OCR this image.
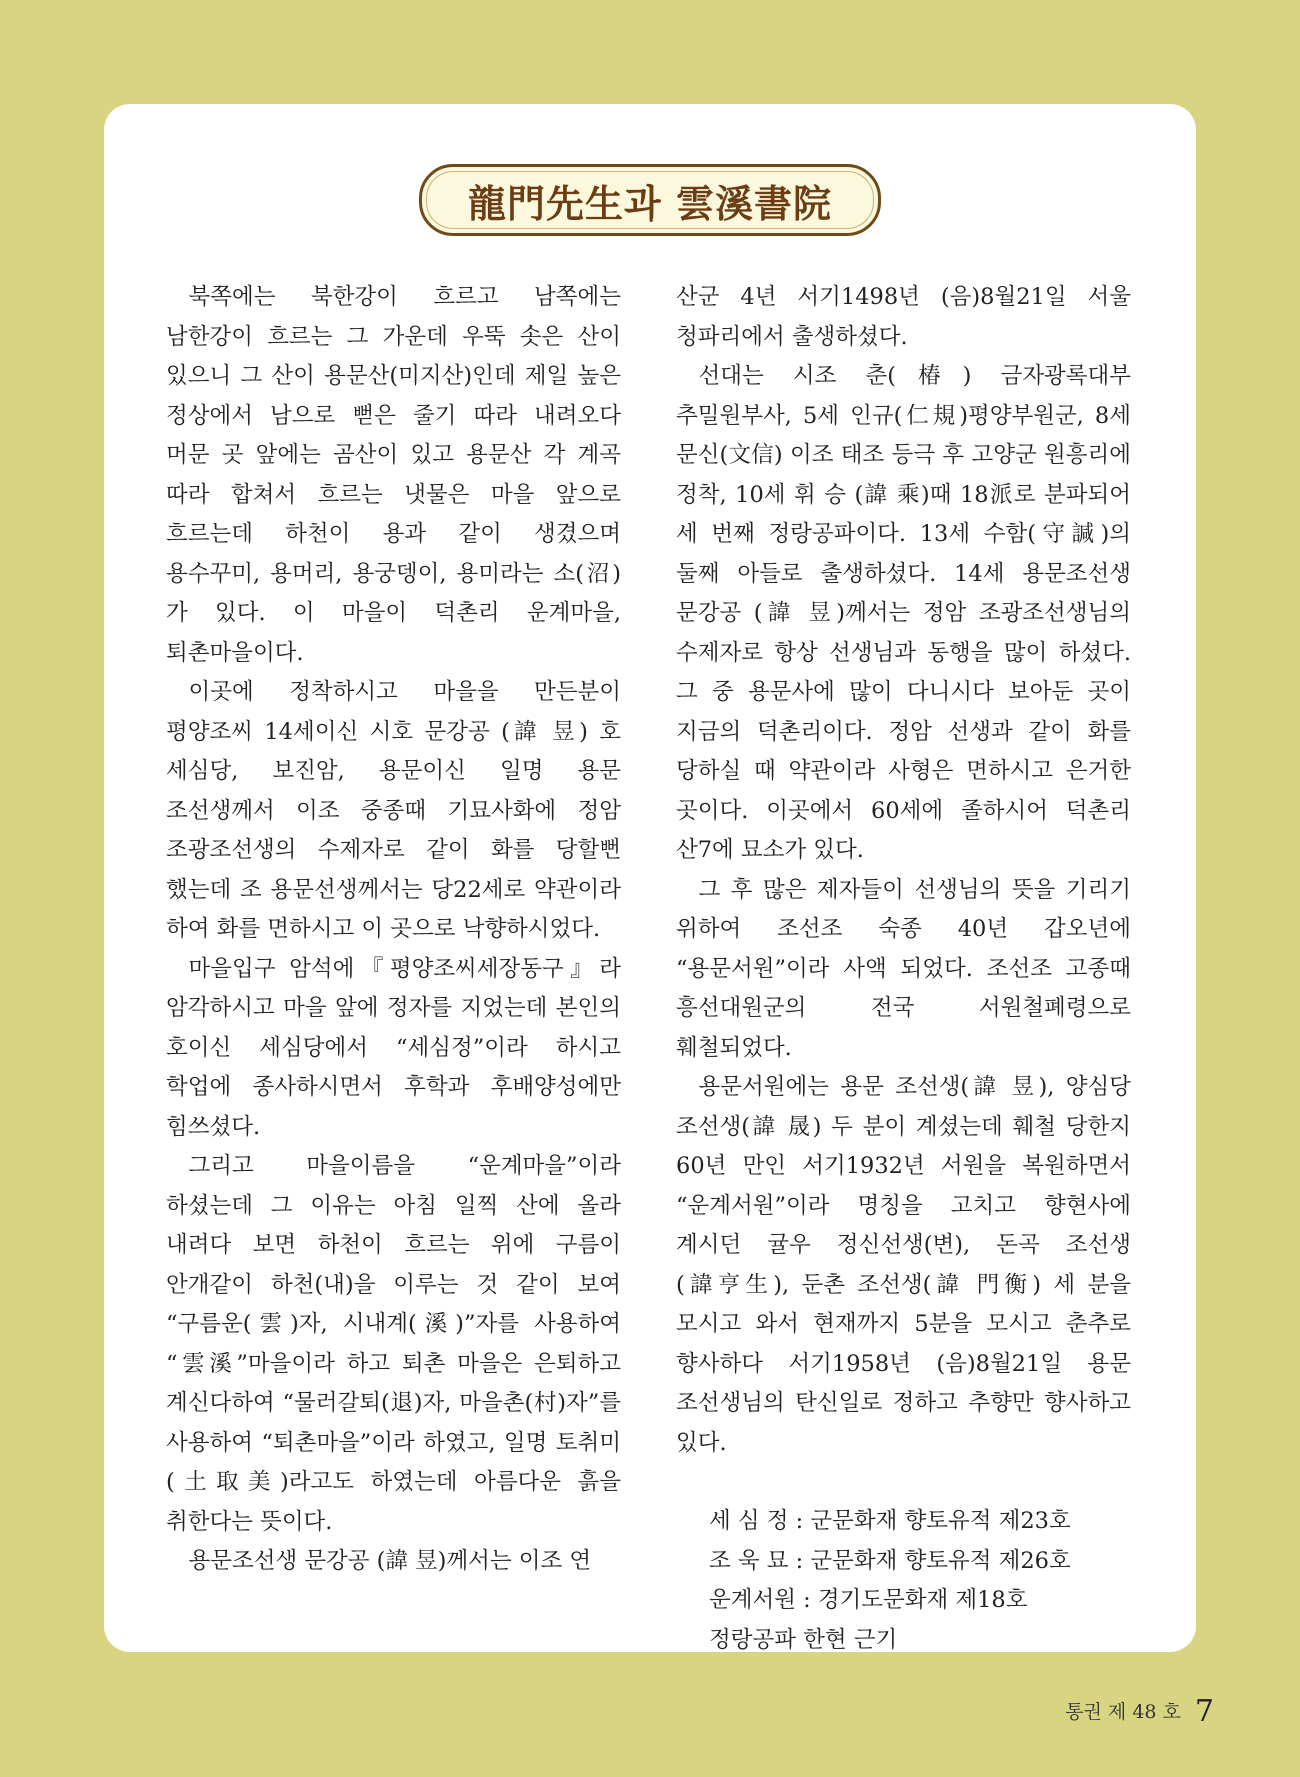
龍門先生과 雲溪書院

북쪽에는 북한강이 흐르고 남쪽에는 남한강이 흐르는 그 가운데 우뚝 솟은 산이 있으니 그 산이 용문산(미지산)인데 제일 높은 정상에서 남으로 뻗은 줄기 따라 내려오다 머문 곳 앞에는 곰산이 있고 용문산 각 계곡 따라 합쳐서 흐르는 냇물은 마을 앞으로 흐르는데 하천이 용과 같이 생겼으며 용수꾸미, 용머리, 용궁뎅이, 용미라는 소(沼)가 있다. 이 마을이 덕촌리 운계마을, 퇴촌마을이다.

이곳에 정착하시고 마을을 만든분이 평양조씨 14세이신 시호 문강공 (諱 昱) 호 세심당, 보진암, 용문이신 일명 용문 조선생께서 이조 중종때 기묘사화에 정암 조광조선생의 수제자로 같이 화를 당할뻔 했는데 조 용문선생께서는 당22세로 약관이라 하여 화를 면하시고 이 곳으로 낙향하시었다.

마을입구 암석에『평양조씨세장동구』라 암각하시고 마을 앞에 정자를 지었는데 본인의 호이신 세심당에서 “세심정”이라 하시고 학업에 종사하시면서 후학과 후배양성에만 힘쓰셨다.

그리고 마을이름을 “운계마을”이라 하셨는데 그 이유는 아침 일찍 산에 올라 내려다 보면 하천이 흐르는 위에 구름이 안개같이 하천(내)을 이루는 것 같이 보여 “구름운(雲)자, 시내계(溪)”자를 사용하여 “雲溪”마을이라 하고 퇴촌 마을은 은퇴하고 계신다하여 “물러갈퇴(退)자, 마을촌(村)자”를 사용하여 “퇴촌마을”이라 하였고, 일명 토취미(土取美)라고도 하였는데 아름다운 흙을 취한다는 뜻이다.

용문조선생 문강공 (諱 昱)께서는 이조 연

산군 4년 서기1498년 (음)8월21일 서울 청파리에서 출생하셨다.

선대는 시조 춘(椿) 금자광록대부 추밀원부사, 5세 인규(仁規)평양부원군, 8세 문신(文信) 이조 태조 등극 후 고양군 원흥리에 정착, 10세 휘 승 (諱 乘)때 18派로 분파되어 세 번째 정랑공파이다. 13세 수함(守諴)의 둘째 아들로 출생하셨다. 14세 용문조선생 문강공 (諱 昱)께서는 정암 조광조선생님의 수제자로 항상 선생님과 동행을 많이 하셨다. 그 중 용문사에 많이 다니시다 보아둔 곳이 지금의 덕촌리이다. 정암 선생과 같이 화를 당하실 때 약관이라 사형은 면하시고 은거한 곳이다. 이곳에서 60세에 졸하시어 덕촌리 산7에 묘소가 있다.

그 후 많은 제자들이 선생님의 뜻을 기리기 위하여 조선조 숙종 40년 갑오년에 “용문서원”이라 사액 되었다. 조선조 고종때 흥선대원군의 전국 서원철폐령으로 훼철되었다.

용문서원에는 용문 조선생(諱 昱), 양심당 조선생(諱 晟) 두 분이 계셨는데 훼철 당한지 60년 만인 서기1932년 서원을 복원하면서 “운계서원”이라 명칭을 고치고 향현사에 계시던 귤우 정신선생(변), 돈곡 조선생(諱亨生), 둔촌 조선생(諱 門衡) 세 분을 모시고 와서 현재까지 5분을 모시고 춘추로 향사하다 서기1958년 (음)8월21일 용문 조선생님의 탄신일로 정하고 추향만 향사하고 있다.

세 심 정 : 군문화재 향토유적 제23호
조 욱 묘 : 군문화재 향토유적 제26호
운계서원 : 경기도문화재 제18호
정랑공파 한현 근기
통권 제 48 호 7
